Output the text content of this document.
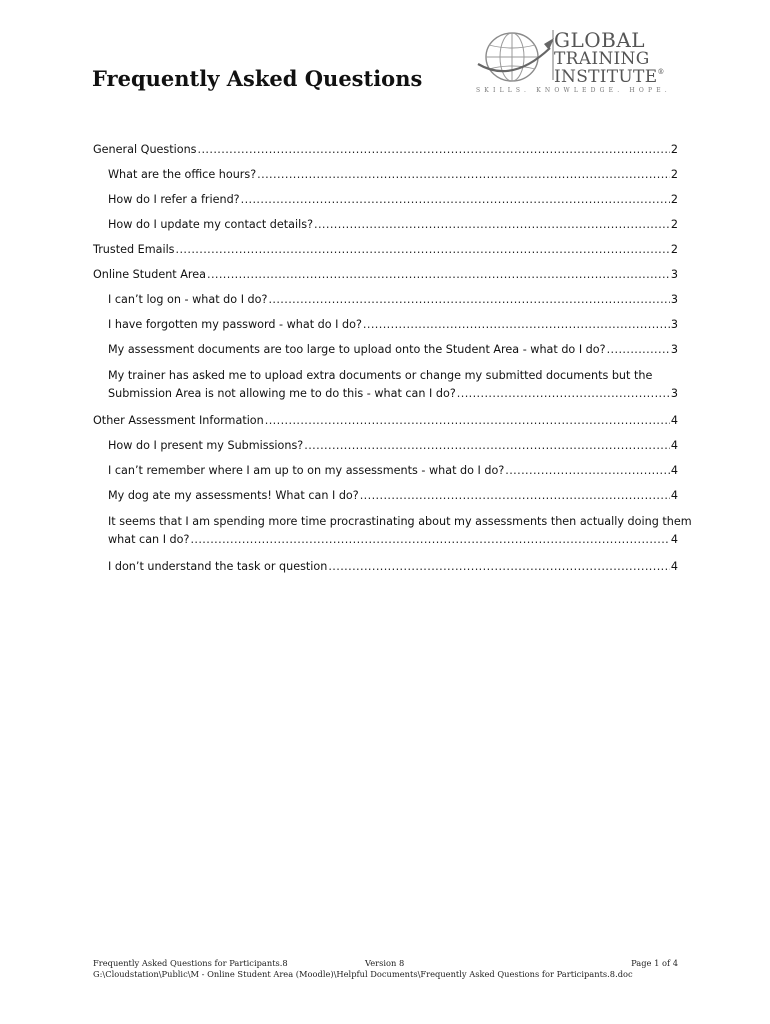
Frequently Asked Questions
GLOBAL
TRAINING
INSTITUTE®
SKILLS. KNOWLEDGE. HOPE.
General Questions .....	2
What are the office hours? .....	2
How do I refer a friend? .....	2
How do I update my contact details? .....	2
Trusted Emails .....	2
Online Student Area .....	3
I can’t log on - what do I do? .....	3
I have forgotten my password - what do I do? .....	3
My assessment documents are too large to upload onto the Student Area - what do I do? .....	3
My trainer has asked me to upload extra documents or change my submitted documents but the
Submission Area is not allowing me to do this - what can I do? .....	3
Other Assessment Information .....	4
How do I present my Submissions? .....	4
I can’t remember where I am up to on my assessments - what do I do? .....	4
My dog ate my assessments! What can I do? .....	4
It seems that I am spending more time procrastinating about my assessments then actually doing them
what can I do? .....	4
I don’t understand the task or question .....	4
Frequently Asked Questions for Participants.8	Version 8	Page 1 of 4
G:\Cloudstation\Public\M - Online Student Area (Moodle)\Helpful Documents\Frequently Asked Questions for Participants.8.doc
